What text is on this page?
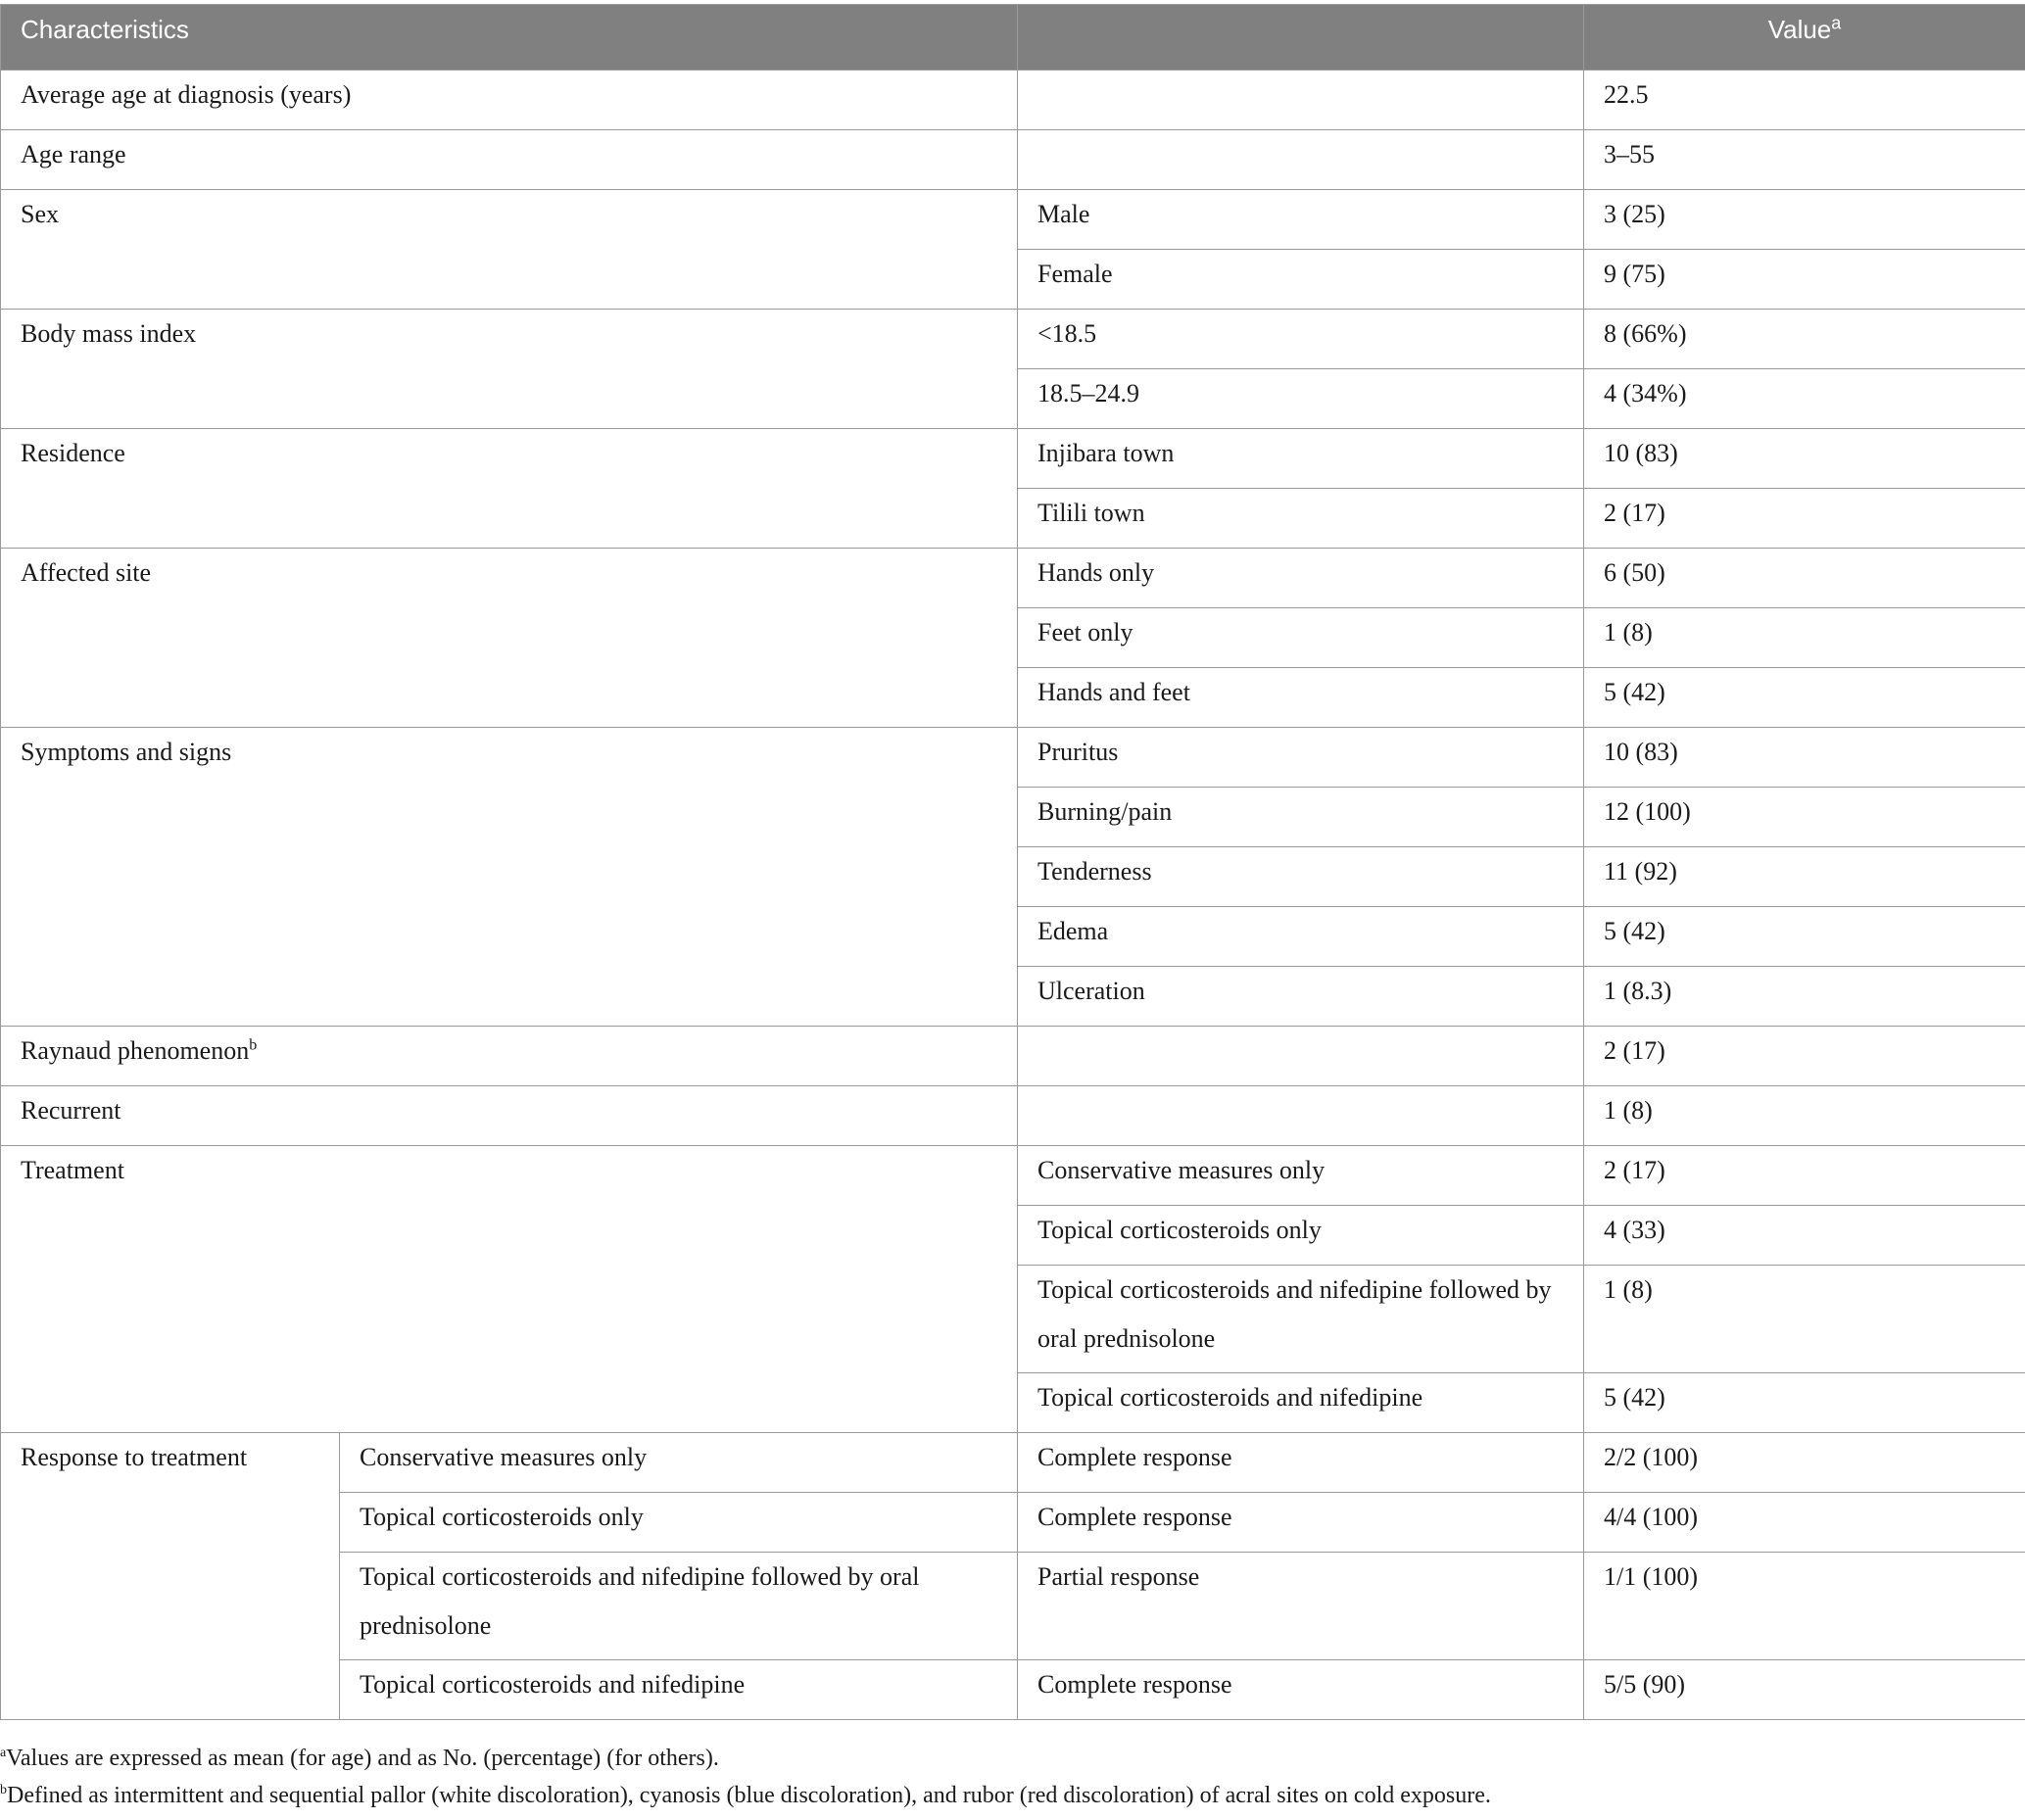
Characteristics			Value$^a$
Average age at diagnosis (years)			22.5
Age range			3–55
Sex		Male	3 (25)
		Female	9 (75)
Body mass index		<18.5	8 (66%)
		18.5–24.9	4 (34%)
Residence		Injibara town	10 (83)
		Tilili town	2 (17)
Affected site		Hands only	6 (50)
		Feet only	1 (8)
		Hands and feet	5 (42)
Symptoms and signs		Pruritus	10 (83)
		Burning/pain	12 (100)
		Tenderness	11 (92)
		Edema	5 (42)
		Ulceration	1 (8.3)
Raynaud phenomenon$^b$			2 (17)
Recurrent			1 (8)
Treatment		Conservative measures only	2 (17)
		Topical corticosteroids only	4 (33)
		Topical corticosteroids and nifedipine followed by oral prednisolone	1 (8)
		Topical corticosteroids and nifedipine	5 (42)
Response to treatment	Conservative measures only	Complete response	2/2 (100)
	Topical corticosteroids only	Complete response	4/4 (100)
	Topical corticosteroids and nifedipine followed by oral prednisolone	Partial response	1/1 (100)
	Topical corticosteroids and nifedipine	Complete response	5/5 (90)
$^a$Values are expressed as mean (for age) and as No. (percentage) (for others).
$^b$Defined as intermittent and sequential pallor (white discoloration), cyanosis (blue discoloration), and rubor (red discoloration) of acral sites on cold exposure.
